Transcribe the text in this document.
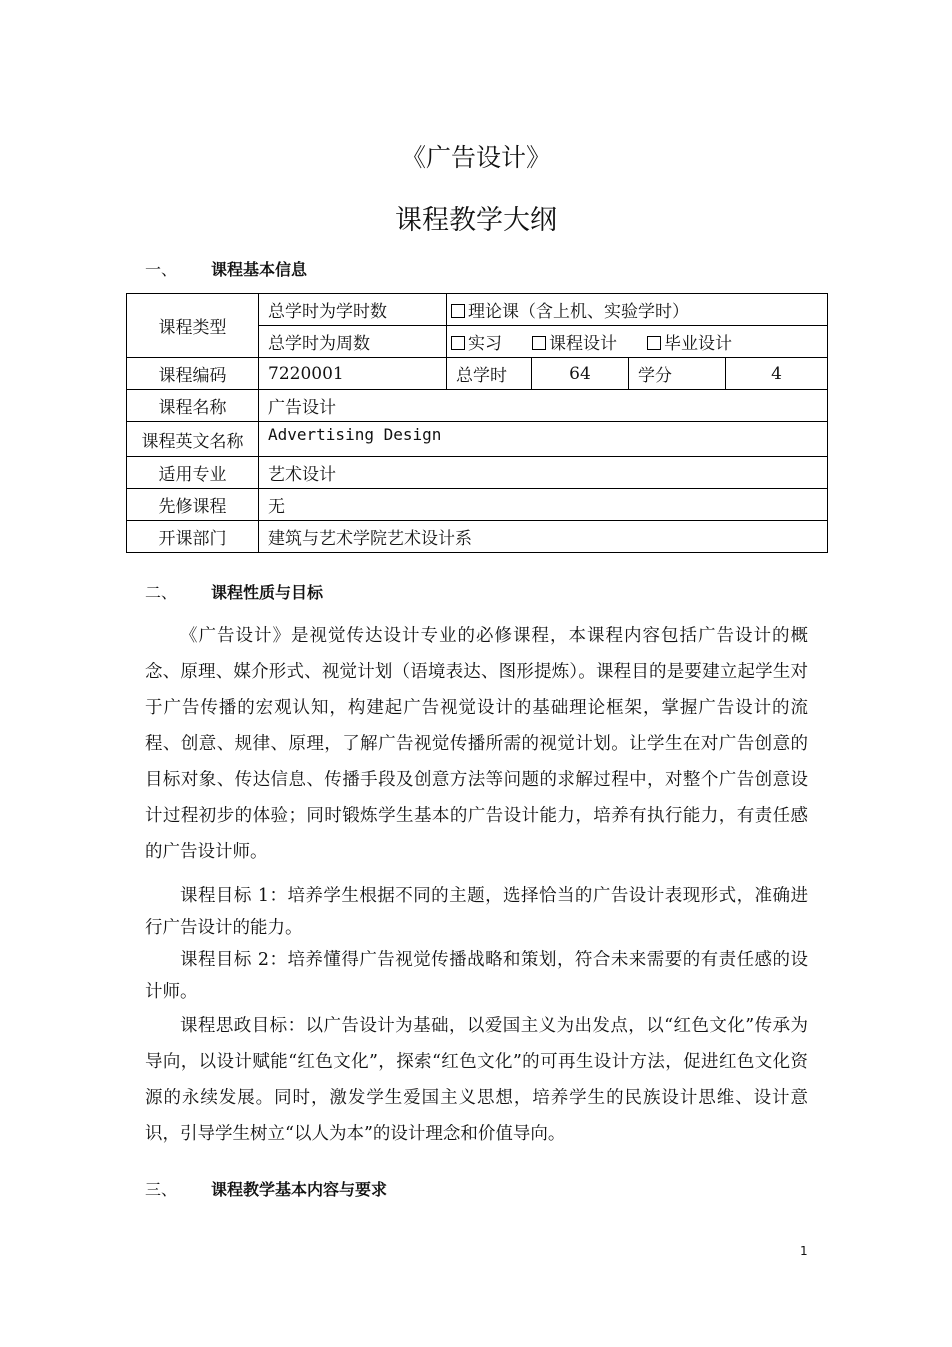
《广告设计》
课程教学大纲
一、 课程基本信息
课程类型	总学时为学时数	理论课（含上机、实验学时）			
	总学时为周数	实习 课程设计 毕业设计			
课程编码	7220001	总学时	64	学分	4
课程名称	广告设计				
课程英文名称	Advertising Design				
适用专业	艺术设计				
先修课程	无				
开课部门	建筑与艺术学院艺术设计系				
二、 课程性质与目标

《广告设计》是视觉传达设计专业的必修课程，本课程内容包括广告设计的概念、原理、媒介形式、视觉计划（语境表达、图形提炼）。课程目的是要建立起学生对于广告传播的宏观认知，构建起广告视觉设计的基础理论框架，掌握广告设计的流程、创意、规律、原理，了解广告视觉传播所需的视觉计划。让学生在对广告创意的目标对象、传达信息、传播手段及创意方法等问题的求解过程中，对整个广告创意设计过程初步的体验；同时锻炼学生基本的广告设计能力，培养有执行能力，有责任感的广告设计师。

课程目标 1：培养学生根据不同的主题，选择恰当的广告设计表现形式，准确进行广告设计的能力。

课程目标 2：培养懂得广告视觉传播战略和策划，符合未来需要的有责任感的设计师。

课程思政目标：以广告设计为基础，以爱国主义为出发点，以“红色文化”传承为导向，以设计赋能“红色文化”，探索“红色文化”的可再生设计方法，促进红色文化资源的永续发展。同时，激发学生爱国主义思想，培养学生的民族设计思维、设计意识，引导学生树立“以人为本”的设计理念和价值导向。

三、 课程教学基本内容与要求
1
